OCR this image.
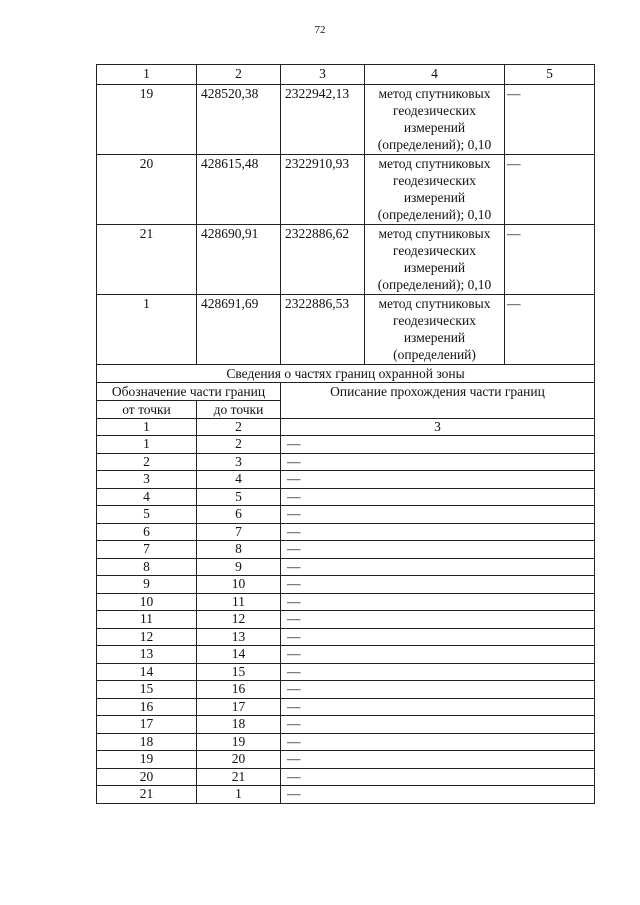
72
1	2	3	4	5
19	428520,38	2322942,13	метод спутниковых геодезических измерений (определений); 0,10	—
20	428615,48	2322910,93	метод спутниковых геодезических измерений (определений); 0,10	—
21	428690,91	2322886,62	метод спутниковых геодезических измерений (определений); 0,10	—
1	428691,69	2322886,53	метод спутниковых геодезических измерений (определений)	—
Сведения о частях границ охранной зоны				
Обозначение части границ		Описание прохождения части границ		
от точки	до точки			
1	2	3		
1	2	—		
2	3	—		
3	4	—		
4	5	—		
5	6	—		
6	7	—		
7	8	—		
8	9	—		
9	10	—		
10	11	—		
11	12	—		
12	13	—		
13	14	—		
14	15	—		
15	16	—		
16	17	—		
17	18	—		
18	19	—		
19	20	—		
20	21	—		
21	1	—		
